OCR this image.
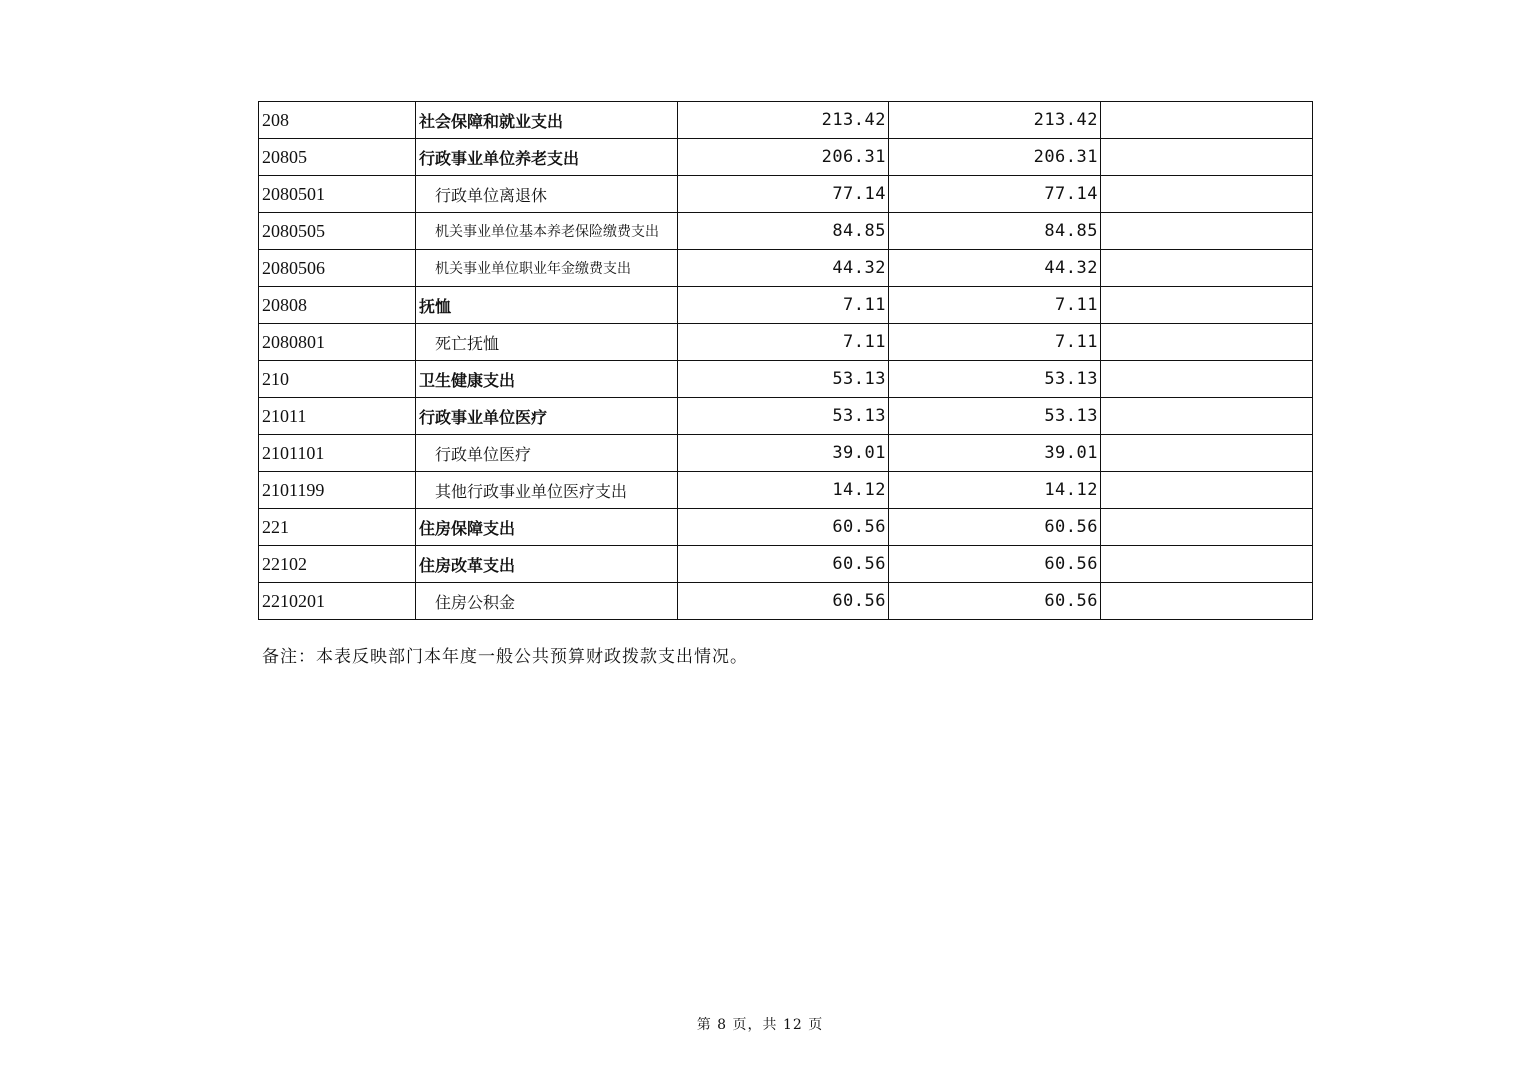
208	社会保障和就业支出	213.42	213.42	
20805	行政事业单位养老支出	206.31	206.31	
2080501	行政单位离退休	77.14	77.14	
2080505	机关事业单位基本养老保险缴费支出	84.85	84.85	
2080506	机关事业单位职业年金缴费支出	44.32	44.32	
20808	抚恤	7.11	7.11	
2080801	死亡抚恤	7.11	7.11	
210	卫生健康支出	53.13	53.13	
21011	行政事业单位医疗	53.13	53.13	
2101101	行政单位医疗	39.01	39.01	
2101199	其他行政事业单位医疗支出	14.12	14.12	
221	住房保障支出	60.56	60.56	
22102	住房改革支出	60.56	60.56	
2210201	住房公积金	60.56	60.56	
备注：本表反映部门本年度一般公共预算财政拨款支出情况。
第 8 页，共 12 页
